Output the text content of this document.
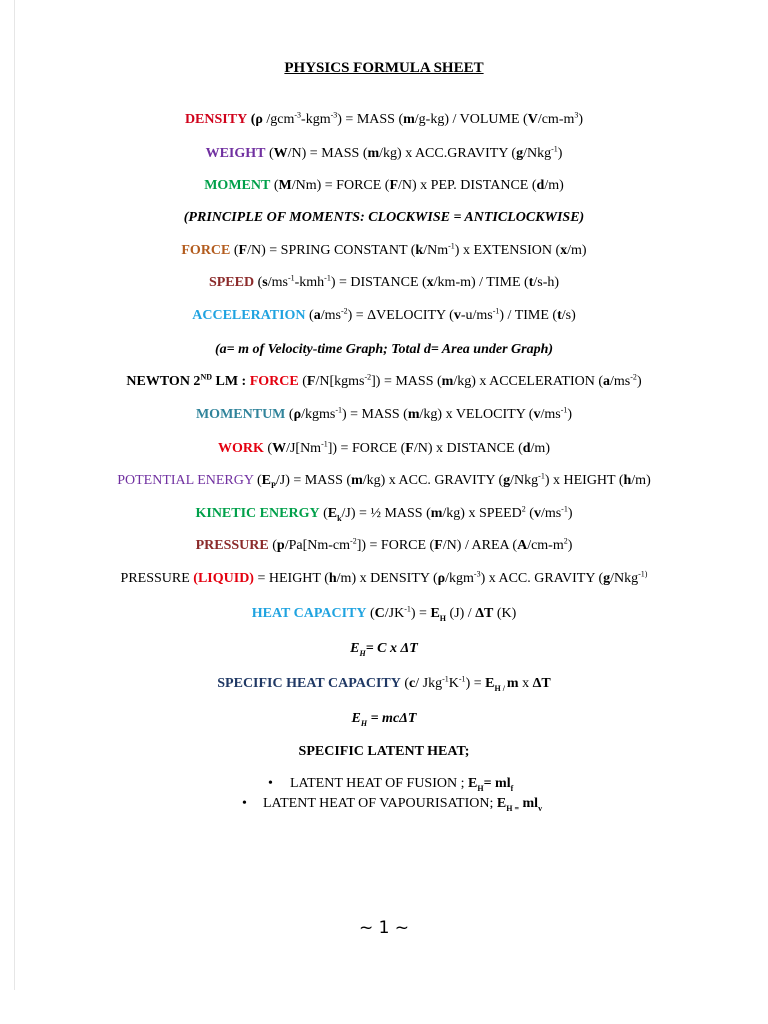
PHYSICS FORMULA SHEET
DENSITY (ρ /gcm$^{-3}$-kgm$^{-3}$) = MASS (m/g-kg) / VOLUME $(V/cm-m^3)$
WEIGHT (W/N) = MASS (m/kg) x ACC.GRAVITY (g/Nkg$^{-1}$)
MOMENT (M/Nm) = FORCE (F/N) x PEP. DISTANCE (d/m)
(PRINCIPLE OF MOMENTS: CLOCKWISE = ANTICLOCKWISE)
FORCE (F/N) = SPRING CONSTANT $(k/Nm^{-1})$ x EXTENSION (x/m)
SPEED $(s/ms^{-1}-kmh^{-1})$ = DISTANCE (x/km-m) / TIME (t/s-h)
ACCELERATION $(a/ms^{-2})$ = ΔVELOCITY $(v-u/ms^{-1})$ / TIME (t/s)
(a= m of Velocity-time Graph; Total d= Area under Graph)
NEWTON 2ND LM : FORCE (F/N[kgms$^{-2}$]) = MASS (m/kg) x ACCELERATION $(a/ms^{-2})$
MOMENTUM (ρ/kgms$^{-1}$) = MASS (m/kg) x VELOCITY $(v/ms^{-1})$
WORK $(W/J[Nm^{-1}])$ = FORCE (F/N) x DISTANCE (d/m)
POTENTIAL ENERGY $(E_P/J)$ = MASS (m/kg) x ACC. GRAVITY (g/Nkg$^{-1}$) x HEIGHT (h/m)
KINETIC ENERGY $(E_k/J)$ = ½ MASS (m/kg) x SPEED$^2$ $(v/ms^{-1})$
PRESSURE $(p/Pa[Nm-cm^{-2}])$ = FORCE (F/N) / AREA $(A/cm-m^2)$
PRESSURE (LIQUID) = HEIGHT (h/m) x DENSITY (ρ/kgm$^{-3}$) x ACC. GRAVITY (g/Nkg$^{-1)}$
HEAT CAPACITY $(C/JK^{-1}) = E_H$ (J) / ΔT (K)
$E_H= C$ x ΔT
SPECIFIC HEAT CAPACITY (c/ $Jkg^{-1}K^{-1}) = E_{H /}$ m x ΔT
$E_H = mc\Delta T$
SPECIFIC LATENT HEAT;
• LATENT HEAT OF FUSION ; $E_H= ml_f$
• LATENT HEAT OF VAPOURISATION; $E_{H =}$ $ml_v$
~ 1 ~
